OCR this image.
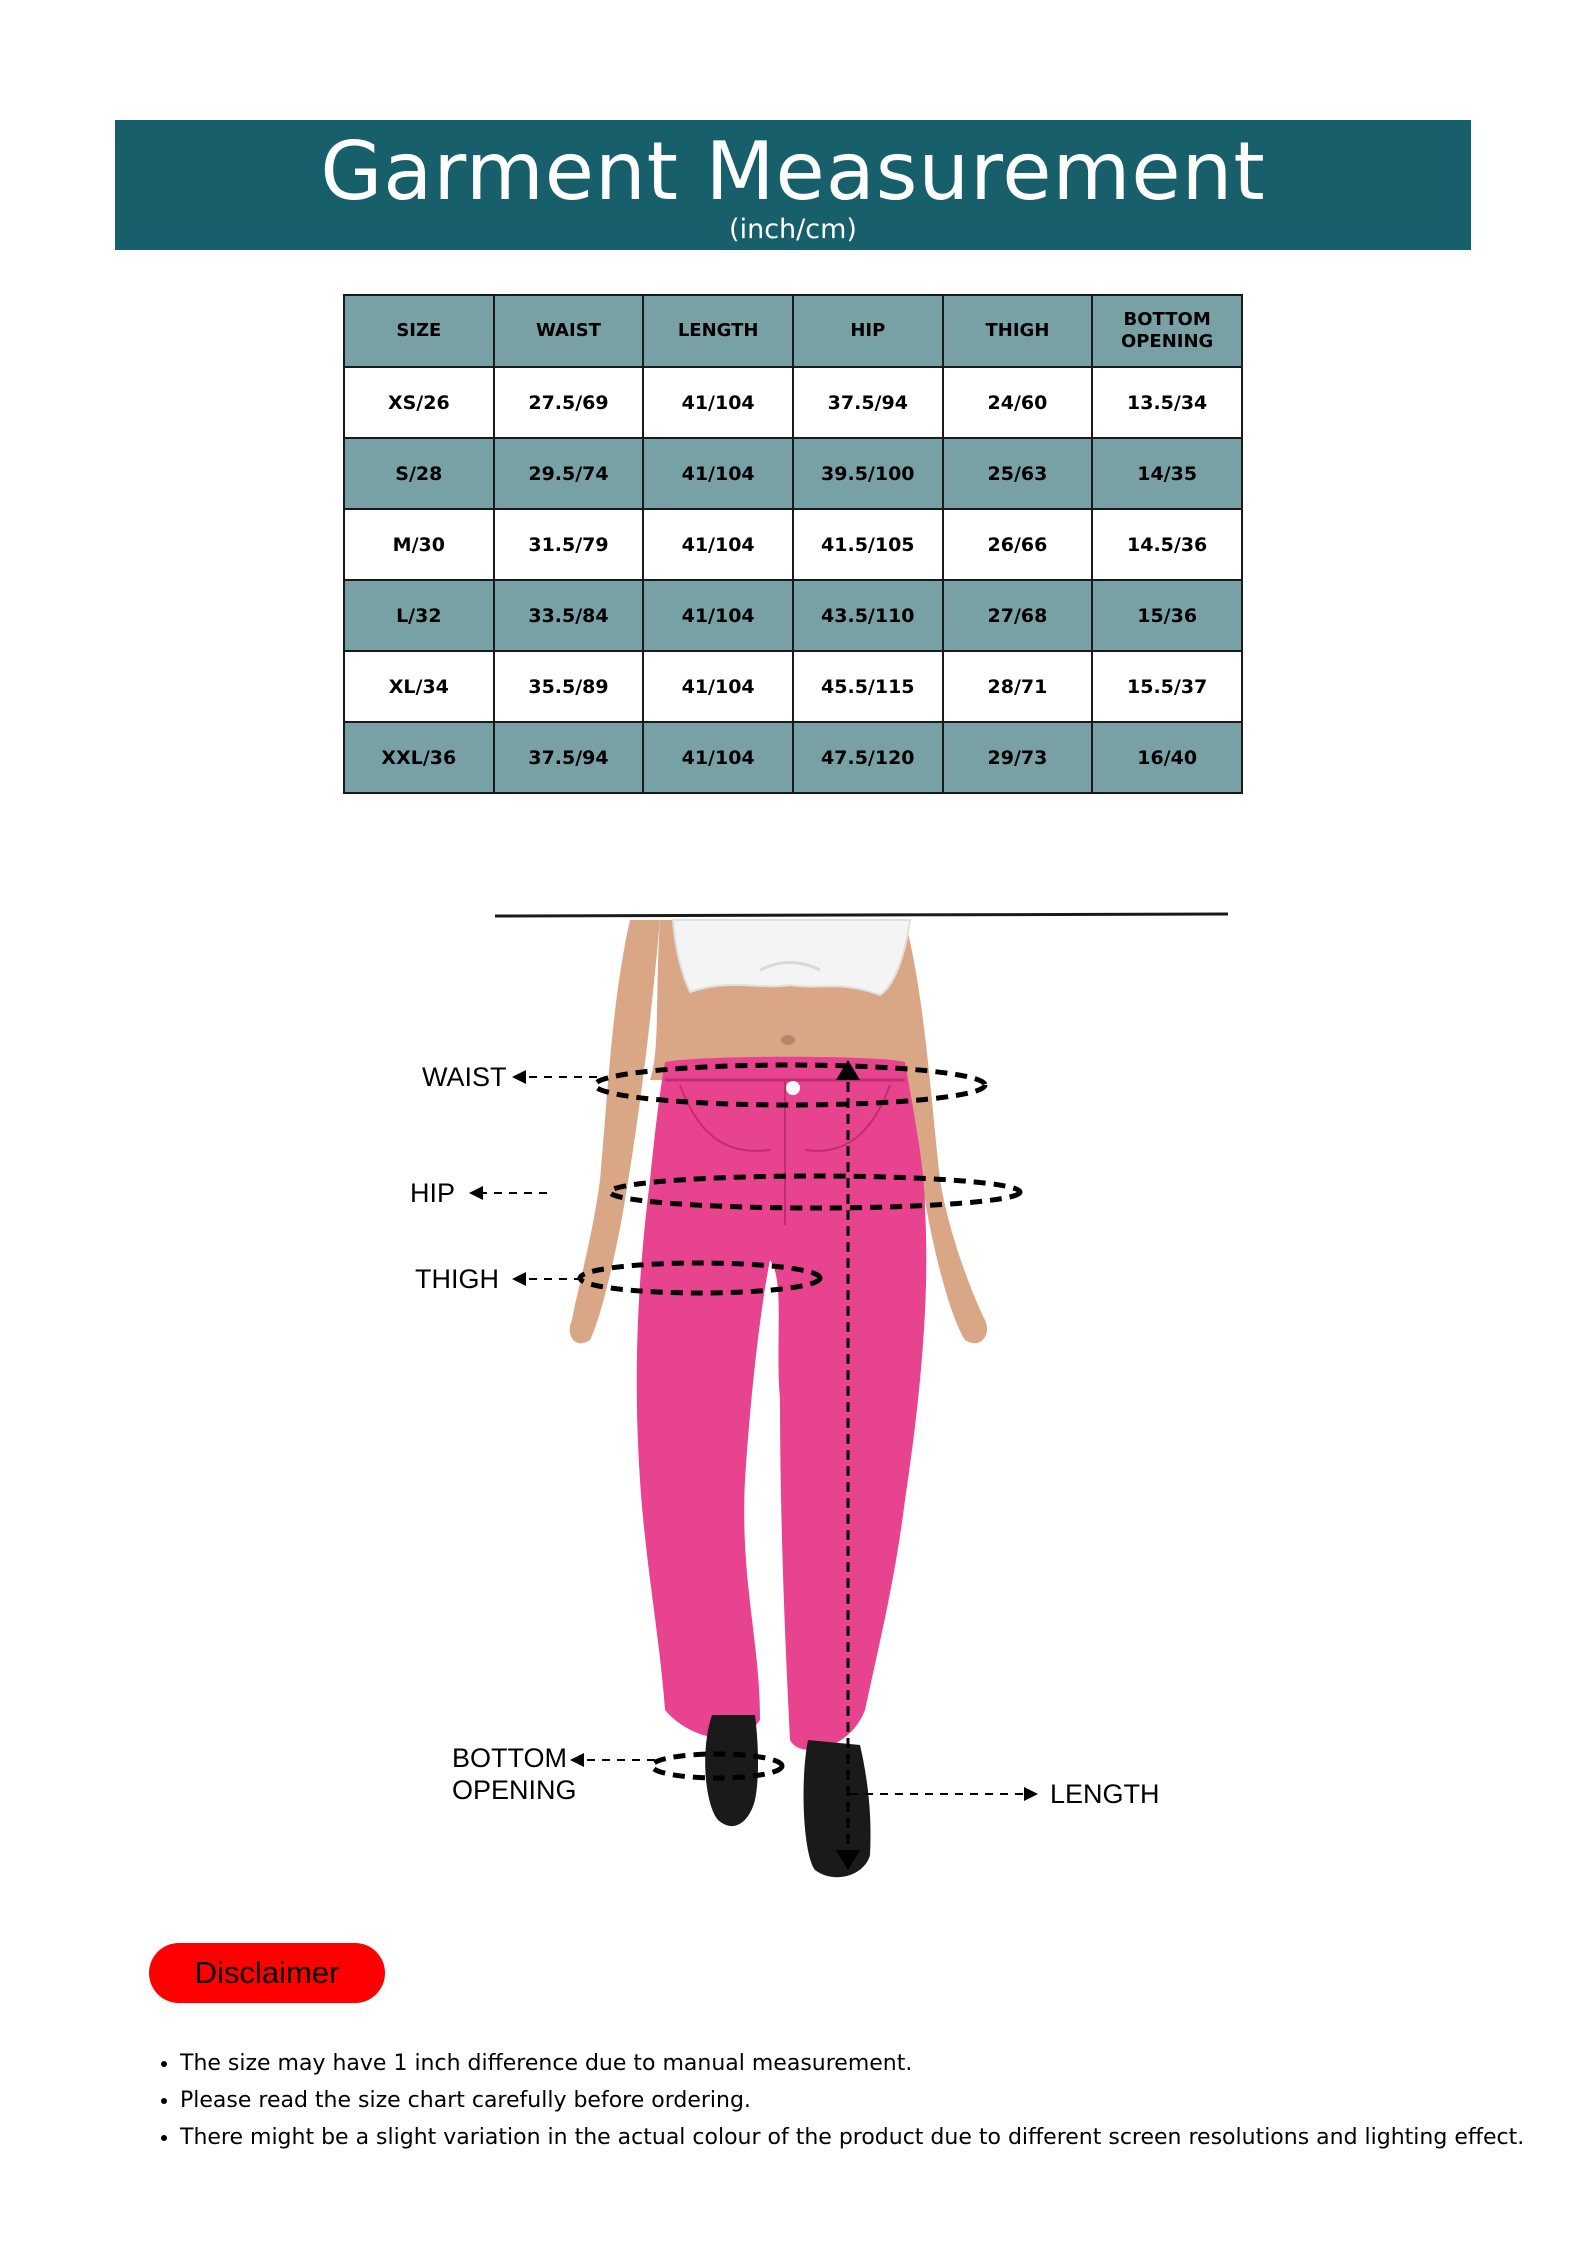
Garment Measurement
(inch/cm)
SIZE	WAIST	LENGTH	HIP	THIGH	BOTTOM OPENING
XS/26	27.5/69	41/104	37.5/94	24/60	13.5/34
S/28	29.5/74	41/104	39.5/100	25/63	14/35
M/30	31.5/79	41/104	41.5/105	26/66	14.5/36
L/32	33.5/84	41/104	43.5/110	27/68	15/36
XL/34	35.5/89	41/104	45.5/115	28/71	15.5/37
XXL/36	37.5/94	41/104	47.5/120	29/73	16/40
WAIST
HIP
THIGH
BOTTOM
OPENING	LENGTH
Disclaimer
• The size may have 1 inch difference due to manual measurement.
• Please read the size chart carefully before ordering.
• There might be a slight variation in the actual colour of the product due to different screen resolutions and lighting effect.
